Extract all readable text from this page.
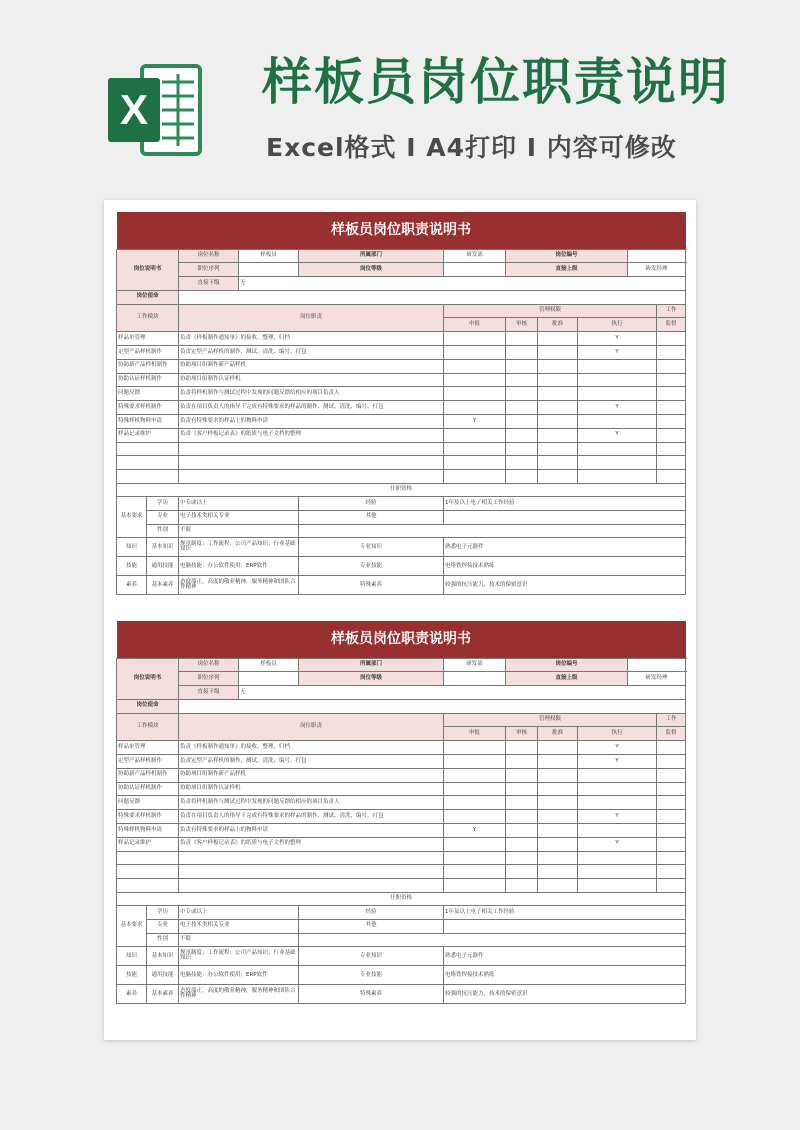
X 样板员岗位职责说明
Excel格式 I A4打印 I 内容可修改
样板员岗位职责说明书											
岗位说明书		岗位名称	样板员	所属部门	研发部	岗位编号					
		职位序列		岗位等级		直接上级			研发经理		
		直接下级	无								
岗位使命											
工作模块		岗位职责			管理权限					工作	
					申报	审核	批准	执行		监督	
样品单管理		负责《样板制作通知单》的接收、整理、归档						Y		
定型产品样机制作		负责定型产品样机的制作、测试、清洗、编号、打包						Y		
协助新产品样机制作		协助项目组制作新产品样机						
协助认证样机制作		协助项目组制作认证样机						
问题反馈		负责将样机制作与测试过程中发现的问题反馈给相应的项目负责人						
特殊要求样机制作		负责在项目负责人的指导下完成有特殊要求的样品的制作、测试、清洗、编号、打包						Y		
特殊样机物料申请		负责有特殊要求的样品上的物料申请			Y					
样品记录维护		负责《客户样板记录表》的纸质与电子文档的整理						Y		

任职资格											
基本要求	学历	中专或以上		经验	1年及以上电子相关工作经验						
	专业	电子技术类相关专业		其他							
	性别	不限									
知识	基本知识	规章制度；工作流程；公司产品知识；行业基础知识		专业知识	熟悉电子元器件						
技能	通用技能	电脑技能：办公软件使用；ERP软件		专业技能	电烙铁焊接技术熟练						
素养	基本素养	态度端正，高度的敬业精神，服务精神和团队合作精神		特殊素养	较强的抗压能力，技术的保密意识						
样板员岗位职责说明书											
岗位说明书		岗位名称	样板员	所属部门	研发部	岗位编号					
		职位序列		岗位等级		直接上级			研发经理		
		直接下级	无								
岗位使命											
工作模块		岗位职责			管理权限					工作	
					申报	审核	批准	执行		监督	
样品单管理		负责《样板制作通知单》的接收、整理、归档						Y		
定型产品样机制作		负责定型产品样机的制作、测试、清洗、编号、打包						Y		
协助新产品样机制作		协助项目组制作新产品样机						
协助认证样机制作		协助项目组制作认证样机						
问题反馈		负责将样机制作与测试过程中发现的问题反馈给相应的项目负责人						
特殊要求样机制作		负责在项目负责人的指导下完成有特殊要求的样品的制作、测试、清洗、编号、打包						Y		
特殊样机物料申请		负责有特殊要求的样品上的物料申请			Y					
样品记录维护		负责《客户样板记录表》的纸质与电子文档的整理						Y		

任职资格											
基本要求	学历	中专或以上		经验	1年及以上电子相关工作经验						
	专业	电子技术类相关专业		其他							
	性别	不限									
知识	基本知识	规章制度；工作流程；公司产品知识；行业基础知识		专业知识	熟悉电子元器件						
技能	通用技能	电脑技能：办公软件使用；ERP软件		专业技能	电烙铁焊接技术熟练						
素养	基本素养	态度端正，高度的敬业精神，服务精神和团队合作精神		特殊素养	较强的抗压能力，技术的保密意识						
